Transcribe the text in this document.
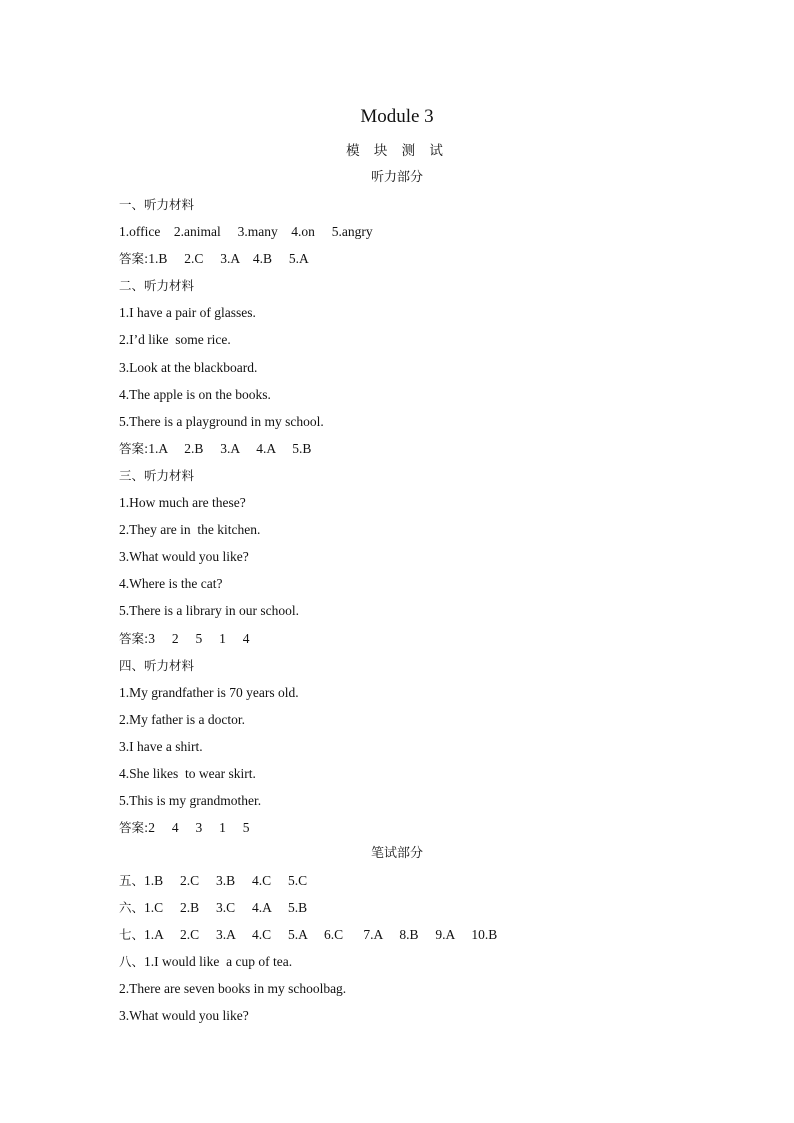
Module 3
模 块 测 试
听力部分
一、听力材料
1.office    2.animal     3.many    4.on     5.angry
答案:1.B     2.C     3.A    4.B     5.A
二、听力材料
1.I have a pair of glasses.
2.I’d like  some rice.
3.Look at the blackboard.
4.The apple is on the books.
5.There is a playground in my school.
答案:1.A     2.B     3.A     4.A     5.B
三、听力材料
1.How much are these?
2.They are in  the kitchen.
3.What would you like?
4.Where is the cat?
5.There is a library in our school.
答案:3     2     5     1     4
四、听力材料
1.My grandfather is 70 years old.
2.My father is a doctor.
3.I have a shirt.
4.She likes  to wear skirt.
5.This is my grandmother.
答案:2     4     3     1     5
笔试部分
五、1.B     2.C     3.B     4.C     5.C
六、1.C     2.B     3.C     4.A     5.B
七、1.A     2.C     3.A     4.C     5.A     6.C      7.A     8.B     9.A     10.B
八、1.I would like  a cup of tea.
2.There are seven books in my schoolbag.
3.What would you like?
